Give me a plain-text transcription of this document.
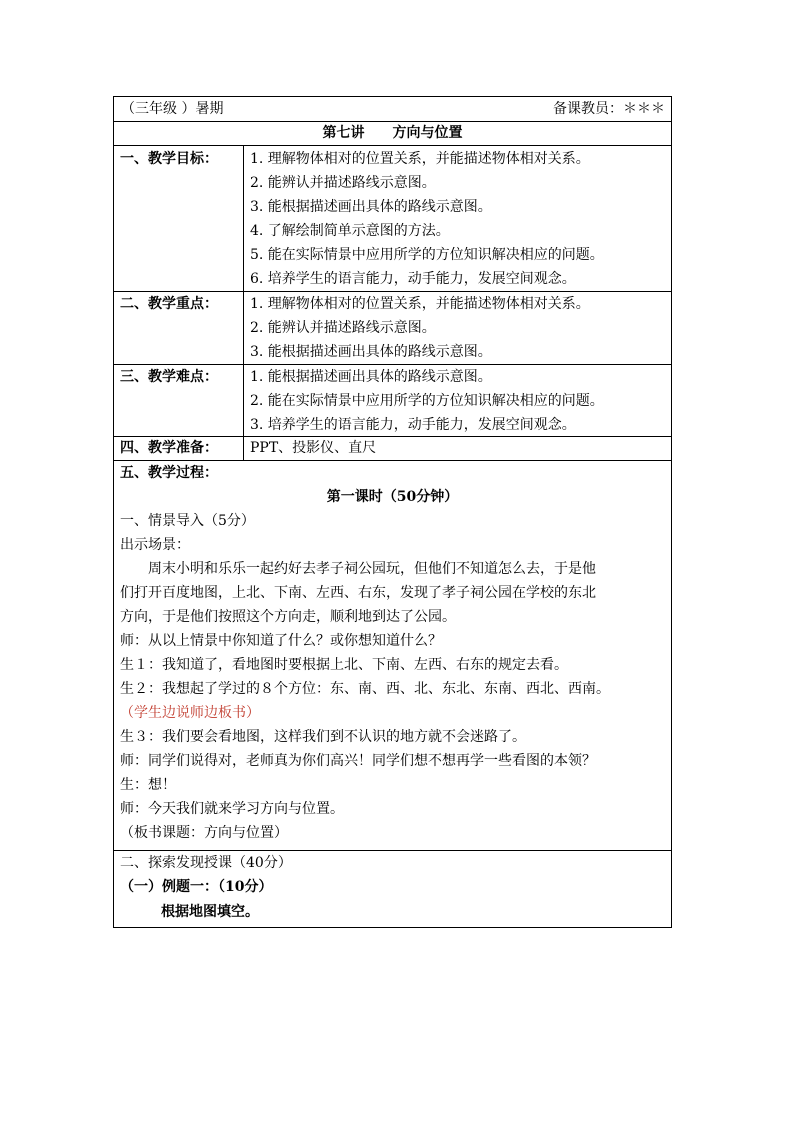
（三年级 ）暑期	备课教员：＊＊＊
第七讲　　方向与位置
一、教学目标： 1. 理解物体相对的位置关系，并能描述物体相对关系。
2. 能辨认并描述路线示意图。
3. 能根据描述画出具体的路线示意图。
4. 了解绘制简单示意图的方法。
5. 能在实际情景中应用所学的方位知识解决相应的问题。
6. 培养学生的语言能力，动手能力，发展空间观念。
二、教学重点： 1. 理解物体相对的位置关系，并能描述物体相对关系。
2. 能辨认并描述路线示意图。
3. 能根据描述画出具体的路线示意图。
三、教学难点： 1. 能根据描述画出具体的路线示意图。
2. 能在实际情景中应用所学的方位知识解决相应的问题。
3. 培养学生的语言能力，动手能力，发展空间观念。
四、教学准备： PPT、投影仪、直尺
五、教学过程：
第一课时（50分钟）
一、情景导入（5分）
出示场景：
周末小明和乐乐一起约好去孝子祠公园玩，但他们不知道怎么去，于是他
们打开百度地图，上北、下南、左西、右东，发现了孝子祠公园在学校的东北
方向，于是他们按照这个方向走，顺利地到达了公园。
师：从以上情景中你知道了什么？或你想知道什么？
生１：我知道了，看地图时要根据上北、下南、左西、右东的规定去看。
生２：我想起了学过的８个方位：东、南、西、北、东北、东南、西北、西南。
（学生边说师边板书）
生３：我们要会看地图，这样我们到不认识的地方就不会迷路了。
师：同学们说得对，老师真为你们高兴！同学们想不想再学一些看图的本领？
生：想！
师：今天我们就来学习方向与位置。
（板书课题：方向与位置）
二、探索发现授课（40分）
（一）例题一：（10分）
根据地图填空。
